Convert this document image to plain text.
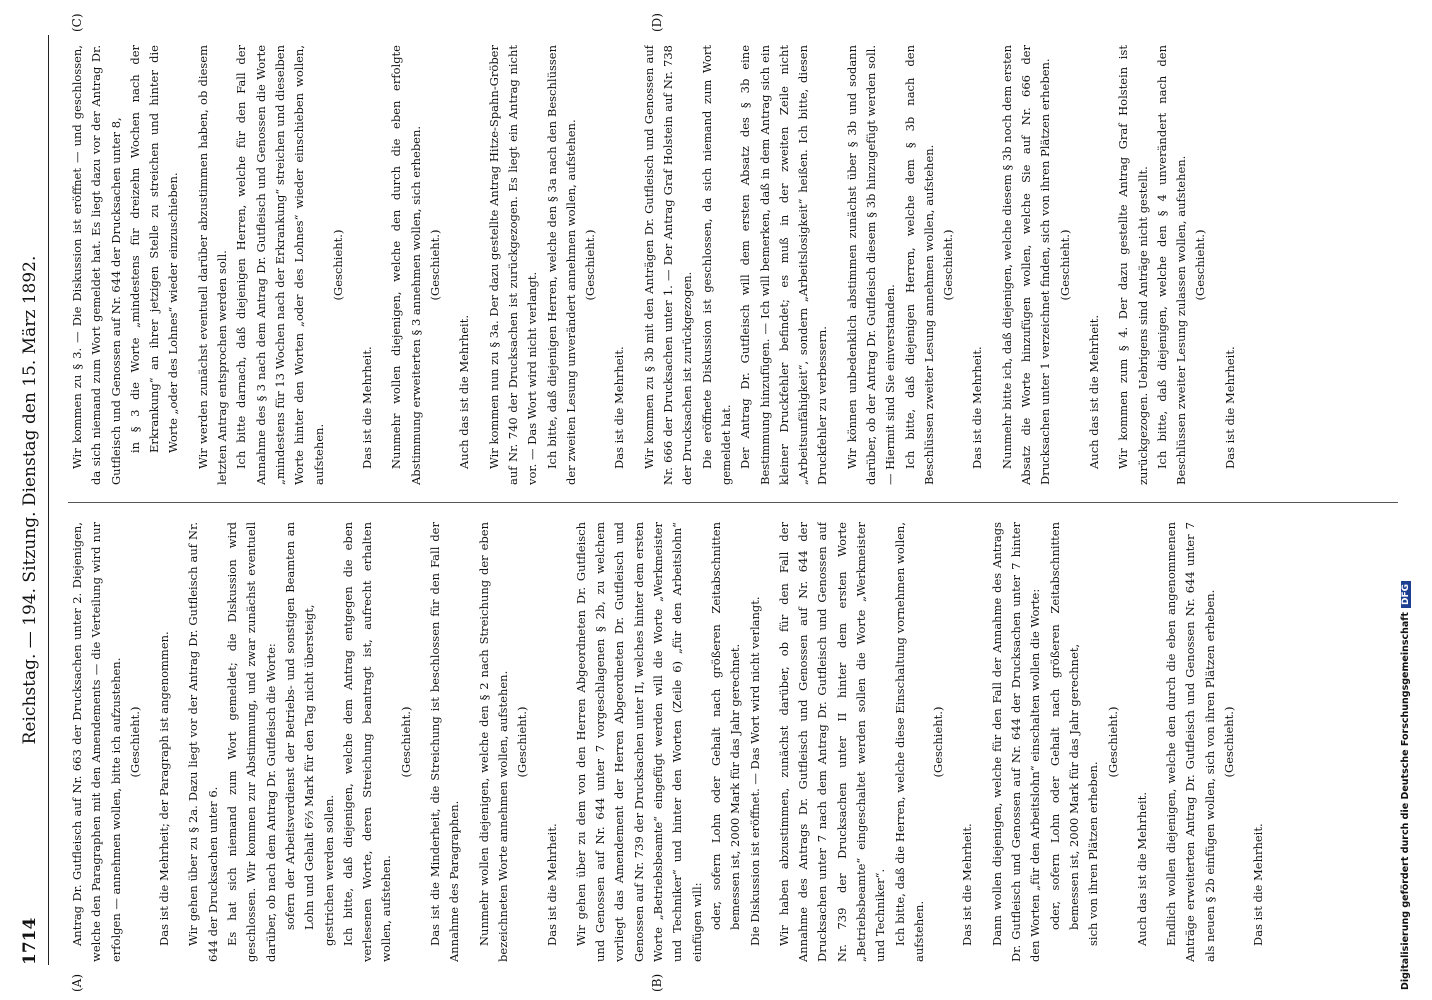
1714
Reichstag. — 194. Sitzung. Dienstag den 15. März 1892.
(A)	(B)
(C)	(D)

Antrag Dr. Gutfleisch auf Nr. 663 der Drucksachen unter 2. Diejenigen, welche den Paragraphen mit den Amendements — die Verteilung wird nur erfolgen — annehmen wollen, bitte ich aufzustehen. (Geschieht.) Das ist die Mehrheit; der Paragraph ist angenommen. Wir gehen über zu § 2a. Dazu liegt vor der Antrag Dr. Gutfleisch auf Nr. 644 der Drucksachen unter 6. Es hat sich niemand zum Wort gemeldet; die Diskussion wird geschlossen. Wir kommen zur Abstimmung, und zwar zunächst eventuell darüber, ob nach dem Antrag Dr. Gutfleisch die Worte: sofern der Arbeitsverdienst der Betriebs- und sonstigen Beamten an Lohn und Gehalt 6⅔ Mark für den Tag nicht übersteigt, gestrichen werden sollen. Ich bitte, daß diejenigen, welche dem Antrag entgegen die eben verlesenen Worte, deren Streichung beantragt ist, aufrecht erhalten wollen, aufstehen.

(Geschieht.) Das ist die Minderheit, die Streichung ist beschlossen für den Fall der Annahme des Paragraphen. Nunmehr wollen diejenigen, welche den § 2 nach Streichung der eben bezeichneten Worte annehmen wollen, aufstehen. (Geschieht.)

Das ist die Mehrheit. Wir gehen über zu dem von den Herren Abgeordneten Dr. Gutfleisch und Genossen auf Nr. 644 unter 7 vorgeschlagenen § 2b, zu welchem vorliegt das Amendement der Herren Abgeordneten Dr. Gutfleisch und Genossen auf Nr. 739 der Drucksachen unter II, welches hinter dem ersten Worte „Betriebsbeamte“ eingefügt werden will die Worte „Werkmeister und Techniker“ und hinter den Worten (Zeile 6) „für den Arbeitslohn“ einfügen will: oder, sofern Lohn oder Gehalt nach größeren Zeitabschnitten bemessen ist, 2000 Mark für das Jahr gerechnet. Die Diskussion ist eröffnet. — Das Wort wird nicht verlangt. Wir haben abzustimmen, zunächst darüber, ob für den Fall der Annahme des Antrags Dr. Gutfleisch und Genossen auf Nr. 644 der Drucksachen unter 7 nach dem Antrag Dr. Gutfleisch und Genossen auf Nr. 739 der Drucksachen unter II hinter dem ersten Worte „Betriebsbeamte“ eingeschaltet werden sollen die Worte „Werkmeister und Techniker“. Ich bitte, daß die Herren, welche diese Einschaltung vornehmen wollen, aufstehen.

(Geschieht.)

Das ist die Mehrheit. Dann wollen diejenigen, welche für den Fall der Annahme des Antrags Dr. Gutfleisch und Genossen auf Nr. 644 der Drucksachen unter 7 hinter den Worten „für den Arbeitslohn“ einschalten wollen die Worte: oder, sofern Lohn oder Gehalt nach größeren Zeitabschnitten bemessen ist, 2000 Mark für das Jahr gerechnet, sich von ihren Plätzen erheben.

(Geschieht.)

Auch das ist die Mehrheit. Endlich wollen diejenigen, welche den durch die eben angenommenen Anträge erweiterten Antrag Dr. Gutfleisch und Genossen Nr. 644 unter 7 als neuen § 2b einfügen wollen, sich von ihren Plätzen erheben. (Geschieht.)

Das ist die Mehrheit.

Wir kommen zu § 3. — Die Diskussion ist eröffnet — und geschlossen, da sich niemand zum Wort gemeldet hat. Es liegt dazu vor der Antrag Dr. Gutfleisch und Genossen auf Nr. 644 der Drucksachen unter 8, in § 3 die Worte „mindestens für dreizehn Wochen nach der Erkrankung“ an ihrer jetzigen Stelle zu streichen und hinter die Worte „oder des Lohnes“ wieder einzuschieben. Wir werden zunächst eventuell darüber abzustimmen haben, ob diesem letzten Antrag entsprochen werden soll. Ich bitte darnach, daß diejenigen Herren, welche für den Fall der Annahme des § 3 nach dem Antrag Dr. Gutfleisch und Genossen die Worte „mindestens für 13 Wochen nach der Erkrankung“ streichen und dieselben Worte hinter den Worten „oder des Lohnes“ wieder einschieben wollen, aufstehen.

(Geschieht.)

Das ist die Mehrheit. Nunmehr wollen diejenigen, welche den durch die eben erfolgte Abstimmung erweiterten § 3 annehmen wollen, sich erheben. (Geschieht.)

Auch das ist die Mehrheit. Wir kommen nun zu § 3a. Der dazu gestellte Antrag Hitze-Spahn-Gröber auf Nr. 740 der Drucksachen ist zurückgezogen. Es liegt ein Antrag nicht vor. — Das Wort wird nicht verlangt. Ich bitte, daß diejenigen Herren, welche den § 3a nach den Beschlüssen der zweiten Lesung unverändert annehmen wollen, aufstehen. (Geschieht.)

Das ist die Mehrheit. Wir kommen zu § 3b mit den Anträgen Dr. Gutfleisch und Genossen auf Nr. 666 der Drucksachen unter 1. — Der Antrag Graf Holstein auf Nr. 738 der Drucksachen ist zurückgezogen. Die eröffnete Diskussion ist geschlossen, da sich niemand zum Wort gemeldet hat. Der Antrag Dr. Gutfleisch will dem ersten Absatz des § 3b eine Bestimmung hinzufügen. — Ich will bemerken, daß in dem Antrag sich ein kleiner Druckfehler befindet; es muß in der zweiten Zeile nicht „Arbeitsunfähigkeit“, sondern „Arbeitslosigkeit“ heißen. Ich bitte, diesen Druckfehler zu verbessern. Wir können unbedenklich abstimmen zunächst über § 3b und sodann darüber, ob der Antrag Dr. Gutfleisch diesem § 3b hinzugefügt werden soll. — Hiermit sind Sie einverstanden. Ich bitte, daß diejenigen Herren, welche dem § 3b nach den Beschlüssen zweiter Lesung annehmen wollen, aufstehen. (Geschieht.)

Das ist die Mehrheit. Nunmehr bitte ich, daß diejenigen, welche diesem § 3b noch dem ersten Absatz die Worte hinzufügen wollen, welche Sie auf Nr. 666 der Drucksachen unter 1 verzeichnet finden, sich von ihren Plätzen erheben. (Geschieht.)

Auch das ist die Mehrheit. Wir kommen zum § 4. Der dazu gestellte Antrag Graf Holstein ist zurückgezogen. Uebrigens sind Anträge nicht gestellt. Ich bitte, daß diejenigen, welche den § 4 unverändert nach den Beschlüssen zweiter Lesung zulassen wollen, aufstehen. (Geschieht.)

Das ist die Mehrheit.

Digitalisierung gefördert durch die Deutsche ForschungsgemeinschaftDFG
